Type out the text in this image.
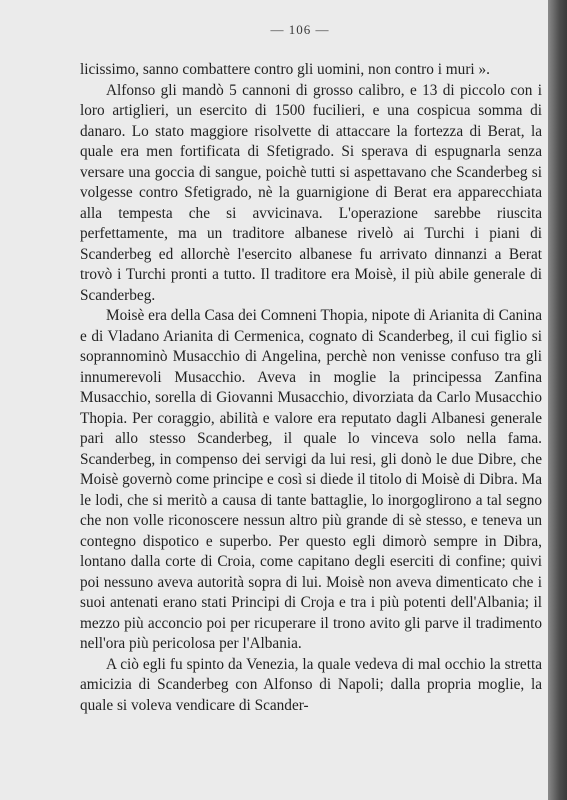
— 106 —

licissimo, sanno combattere contro gli uomini, non contro i muri ».

Alfonso gli mandò 5 cannoni di grosso calibro, e 13 di piccolo con i loro artiglieri, un esercito di 1500 fucilieri, e una cospicua somma di danaro. Lo stato maggiore risolvette di attaccare la fortezza di Berat, la quale era men fortificata di Sfetigrado. Si sperava di espugnarla senza versare una goccia di sangue, poichè tutti si aspettavano che Scanderbeg si volgesse contro Sfetigrado, nè la guarnigione di Berat era apparecchiata alla tempesta che si avvicinava. L'operazione sarebbe riuscita perfettamente, ma un traditore albanese rivelò ai Turchi i piani di Scanderbeg ed allorchè l'esercito albanese fu arrivato dinnanzi a Berat trovò i Turchi pronti a tutto. Il traditore era Moisè, il più abile generale di Scanderbeg.

Moisè era della Casa dei Comneni Thopia, nipote di Arianita di Canina e di Vladano Arianita di Cermenica, cognato di Scanderbeg, il cui figlio si soprannominò Musacchio di Angelina, perchè non venisse confuso tra gli innumerevoli Musacchio. Aveva in moglie la principessa Zanfina Musacchio, sorella di Giovanni Musacchio, divorziata da Carlo Musacchio Thopia. Per coraggio, abilità e valore era reputato dagli Albanesi generale pari allo stesso Scanderbeg, il quale lo vinceva solo nella fama. Scanderbeg, in compenso dei servigi da lui resi, gli donò le due Dibre, che Moisè governò come principe e così si diede il titolo di Moisè di Dibra. Ma le lodi, che si meritò a causa di tante battaglie, lo inorgoglirono a tal segno che non volle riconoscere nessun altro più grande di sè stesso, e teneva un contegno dispotico e superbo. Per questo egli dimorò sempre in Dibra, lontano dalla corte di Croia, come capitano degli eserciti di confine; quivi poi nessuno aveva autorità sopra di lui. Moisè non aveva dimenticato che i suoi antenati erano stati Principi di Croja e tra i più potenti dell'Albania; il mezzo più acconcio poi per ricuperare il trono avito gli parve il tradimento nell'ora più pericolosa per l'Albania.

A ciò egli fu spinto da Venezia, la quale vedeva di mal occhio la stretta amicizia di Scanderbeg con Alfonso di Napoli; dalla propria moglie, la quale si voleva vendicare di Scander-
